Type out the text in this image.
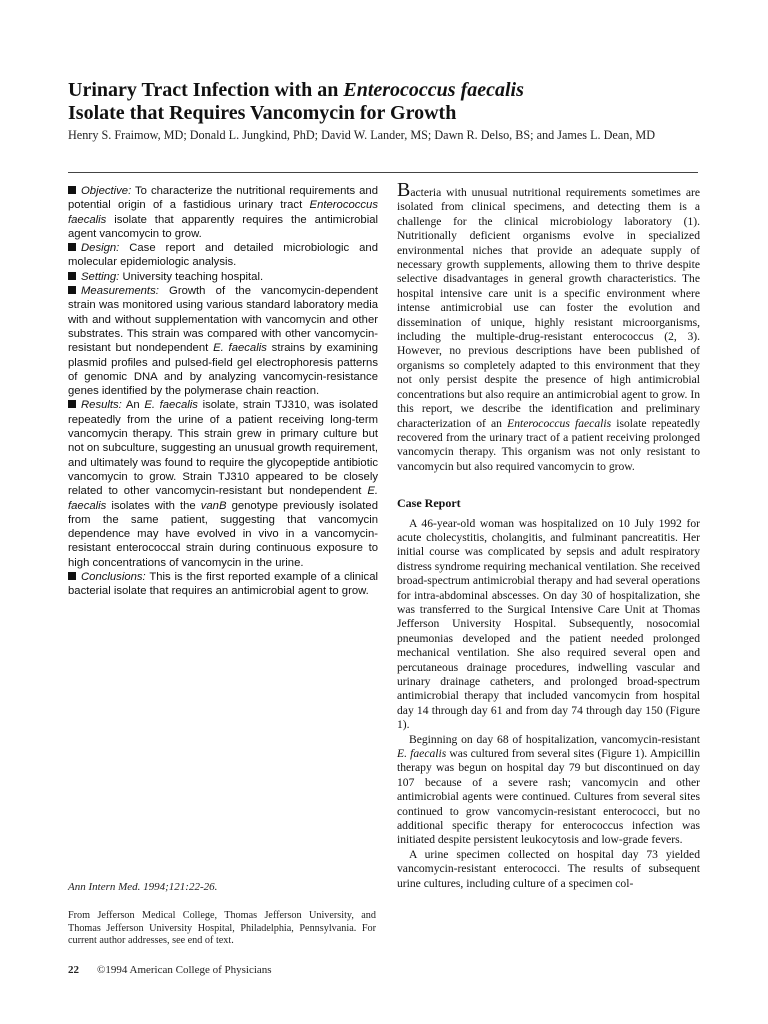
Urinary Tract Infection with an Enterococcus faecalis
Isolate that Requires Vancomycin for Growth
Henry S. Fraimow, MD; Donald L. Jungkind, PhD; David W. Lander, MS; Dawn R. Delso, BS; and James L. Dean, MD

Objective: To characterize the nutritional requirements and potential origin of a fastidious urinary tract Enterococcus faecalis isolate that apparently requires the antimicrobial agent vancomycin to grow.

Design: Case report and detailed microbiologic and molecular epidemiologic analysis.

Setting: University teaching hospital.

Measurements: Growth of the vancomycin-dependent strain was monitored using various standard laboratory media with and without supplementation with vancomycin and other substrates. This strain was compared with other vancomycin-resistant but nondependent E. faecalis strains by examining plasmid profiles and pulsed-field gel electrophoresis patterns of genomic DNA and by analyzing vancomycin-resistance genes identified by the polymerase chain reaction.

Results: An E. faecalis isolate, strain TJ310, was isolated repeatedly from the urine of a patient receiving long-term vancomycin therapy. This strain grew in primary culture but not on subculture, suggesting an unusual growth requirement, and ultimately was found to require the glycopeptide antibiotic vancomycin to grow. Strain TJ310 appeared to be closely related to other vancomycin-resistant but nondependent E. faecalis isolates with the vanB genotype previously isolated from the same patient, suggesting that vancomycin dependence may have evolved in vivo in a vancomycin-resistant enterococcal strain during continuous exposure to high concentrations of vancomycin in the urine.

Conclusions: This is the first reported example of a clinical bacterial isolate that requires an antimicrobial agent to grow.

Ann Intern Med. 1994;121:22-26.
From Jefferson Medical College, Thomas Jefferson University, and Thomas Jefferson University Hospital, Philadelphia, Pennsylvania. For current author addresses, see end of text.
22 ©1994 American College of Physicians

Bacteria with unusual nutritional requirements sometimes are isolated from clinical specimens, and detecting them is a challenge for the clinical microbiology laboratory (1). Nutritionally deficient organisms evolve in specialized environmental niches that provide an adequate supply of necessary growth supplements, allowing them to thrive despite selective disadvantages in general growth characteristics. The hospital intensive care unit is a specific environment where intense antimicrobial use can foster the evolution and dissemination of unique, highly resistant microorganisms, including the multiple-drug-resistant enterococcus (2, 3). However, no previous descriptions have been published of organisms so completely adapted to this environment that they not only persist despite the presence of high antimicrobial concentrations but also require an antimicrobial agent to grow. In this report, we describe the identification and preliminary characterization of an Enterococcus faecalis isolate repeatedly recovered from the urinary tract of a patient receiving prolonged vancomycin therapy. This organism was not only resistant to vancomycin but also required vancomycin to grow.

Case Report

A 46-year-old woman was hospitalized on 10 July 1992 for acute cholecystitis, cholangitis, and fulminant pancreatitis. Her initial course was complicated by sepsis and adult respiratory distress syndrome requiring mechanical ventilation. She received broad-spectrum antimicrobial therapy and had several operations for intra-abdominal abscesses. On day 30 of hospitalization, she was transferred to the Surgical Intensive Care Unit at Thomas Jefferson University Hospital. Subsequently, nosocomial pneumonias developed and the patient needed prolonged mechanical ventilation. She also required several open and percutaneous drainage procedures, indwelling vascular and urinary drainage catheters, and prolonged broad-spectrum antimicrobial therapy that included vancomycin from hospital day 14 through day 61 and from day 74 through day 150 (Figure 1).

Beginning on day 68 of hospitalization, vancomycin-resistant E. faecalis was cultured from several sites (Figure 1). Ampicillin therapy was begun on hospital day 79 but discontinued on day 107 because of a severe rash; vancomycin and other antimicrobial agents were continued. Cultures from several sites continued to grow vancomycin-resistant enterococci, but no additional specific therapy for enterococcus infection was initiated despite persistent leukocytosis and low-grade fevers.

A urine specimen collected on hospital day 73 yielded vancomycin-resistant enterococci. The results of subsequent urine cultures, including culture of a specimen col-
